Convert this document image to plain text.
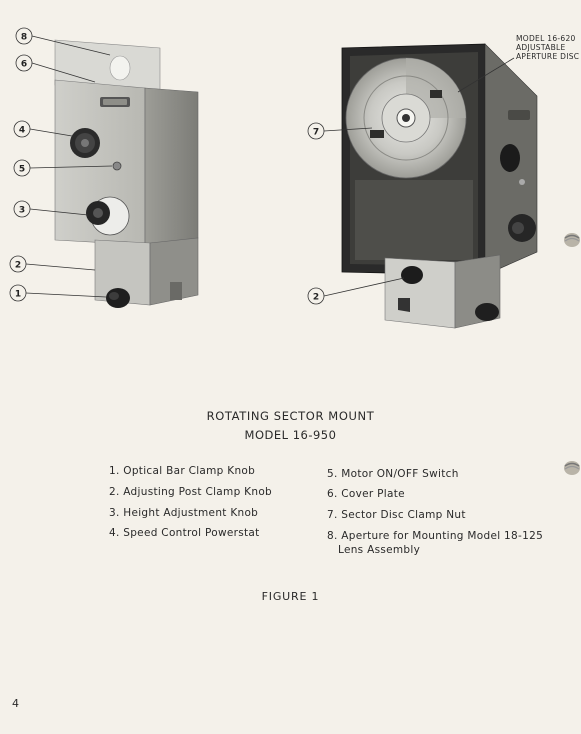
8
6
4
5
3
2
1
7
2
MODEL 16-620
ADJUSTABLE
APERTURE DISC
ROTATING SECTOR MOUNT
MODEL 16-950
1. Optical Bar Clamp Knob
2. Adjusting Post Clamp Knob
3. Height Adjustment Knob
4. Speed Control Powerstat
5. Motor ON/OFF Switch
6. Cover Plate
7. Sector Disc Clamp Nut
8. Aperture for Mounting Model 18-125
Lens Assembly
FIGURE 1
4
